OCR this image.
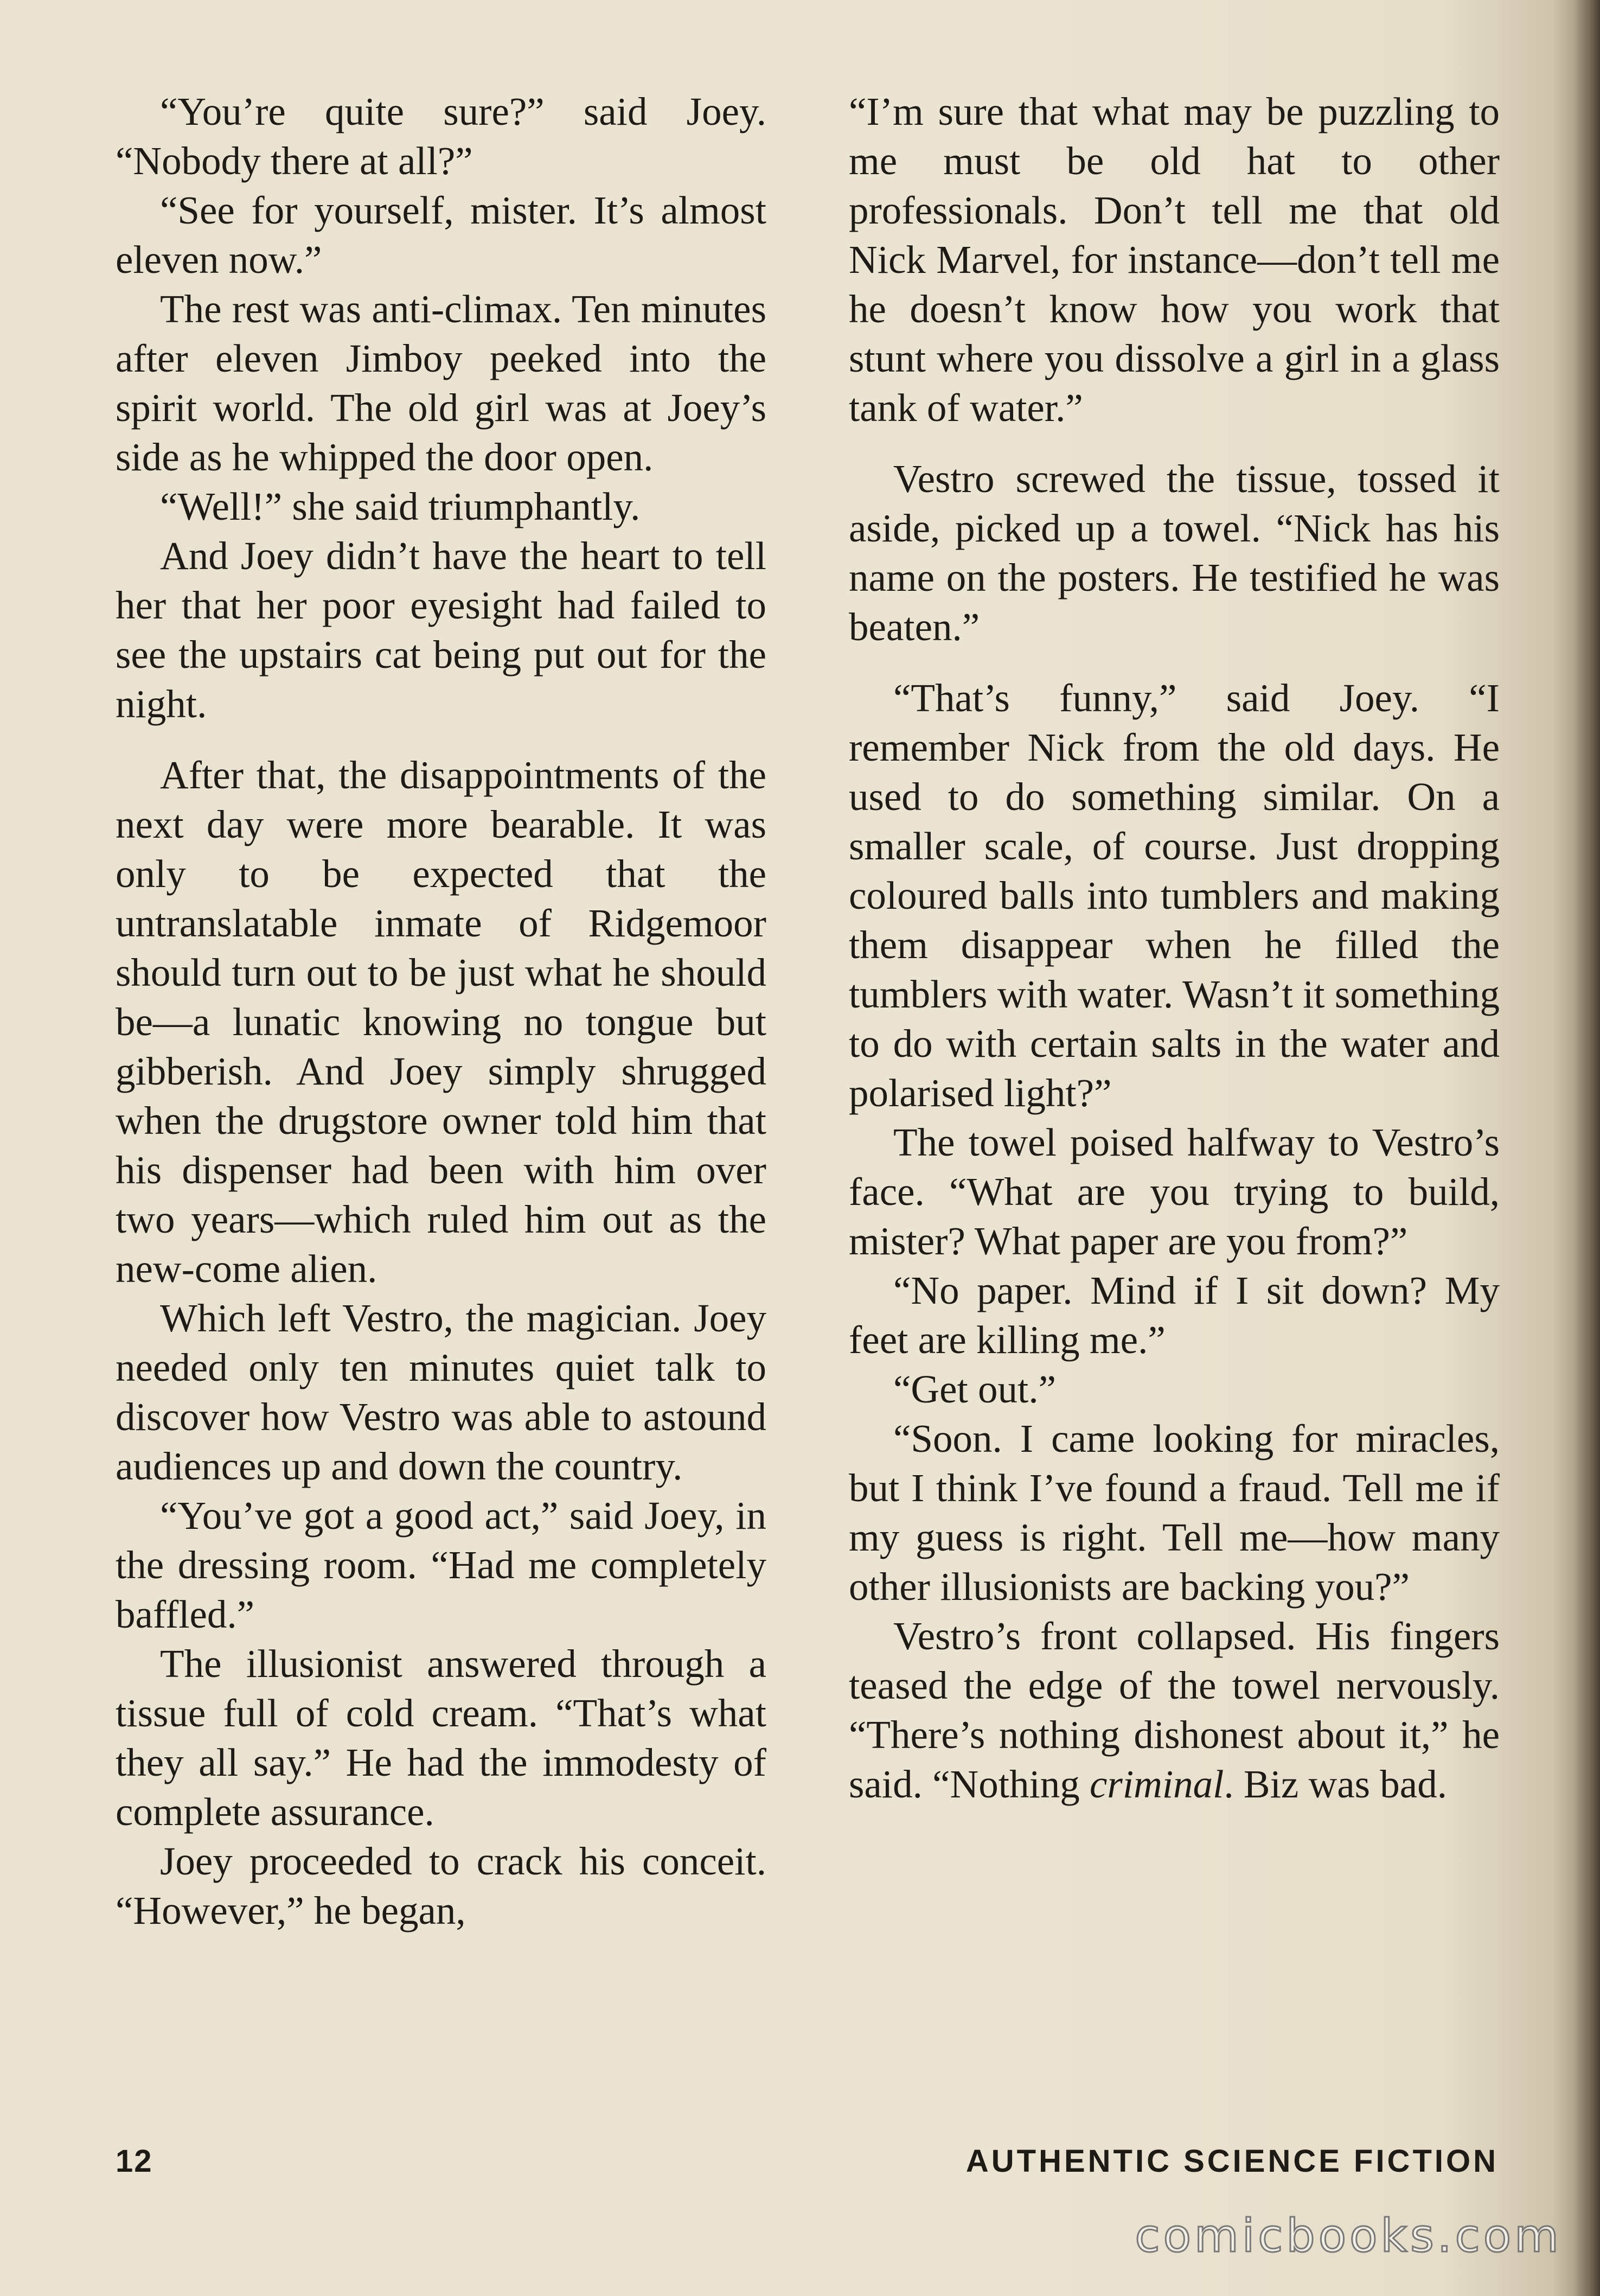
“You’re quite sure?” said Joey. “Nobody there at all?”

“See for yourself, mister. It’s almost eleven now.”

The rest was anti-climax. Ten minutes after eleven Jimboy peeked into the spirit world. The old girl was at Joey’s side as he whipped the door open.

“Well!” she said triumphantly.

And Joey didn’t have the heart to tell her that her poor eyesight had failed to see the upstairs cat being put out for the night.

After that, the disappointments of the next day were more bearable. It was only to be expected that the untranslatable inmate of Ridgemoor should turn out to be just what he should be—a lunatic knowing no tongue but gibberish. And Joey simply shrugged when the drugstore owner told him that his dispenser had been with him over two years—which ruled him out as the new-come alien.

Which left Vestro, the magician. Joey needed only ten minutes quiet talk to discover how Vestro was able to astound audiences up and down the country.

“You’ve got a good act,” said Joey, in the dressing room. “Had me completely baffled.”

The illusionist answered through a tissue full of cold cream. “That’s what they all say.” He had the immodesty of complete assurance.

Joey proceeded to crack his conceit. “However,” he began,

“I’m sure that what may be puzzling to me must be old hat to other professionals. Don’t tell me that old Nick Marvel, for instance—don’t tell me he doesn’t know how you work that stunt where you dissolve a girl in a glass tank of water.”

Vestro screwed the tissue, tossed it aside, picked up a towel. “Nick has his name on the posters. He testified he was beaten.”

“That’s funny,” said Joey. “I remember Nick from the old days. He used to do something similar. On a smaller scale, of course. Just dropping coloured balls into tumblers and making them disappear when he filled the tumblers with water. Wasn’t it something to do with certain salts in the water and polarised light?”

The towel poised halfway to Vestro’s face. “What are you trying to build, mister? What paper are you from?”

“No paper. Mind if I sit down? My feet are killing me.”

“Get out.”

“Soon. I came looking for miracles, but I think I’ve found a fraud. Tell me if my guess is right. Tell me—how many other illusionists are backing you?”

Vestro’s front collapsed. His fingers teased the edge of the towel nervously. “There’s nothing dishonest about it,” he said. “Nothing criminal. Biz was bad.

12	AUTHENTIC SCIENCE FICTION
comicbooks.com
